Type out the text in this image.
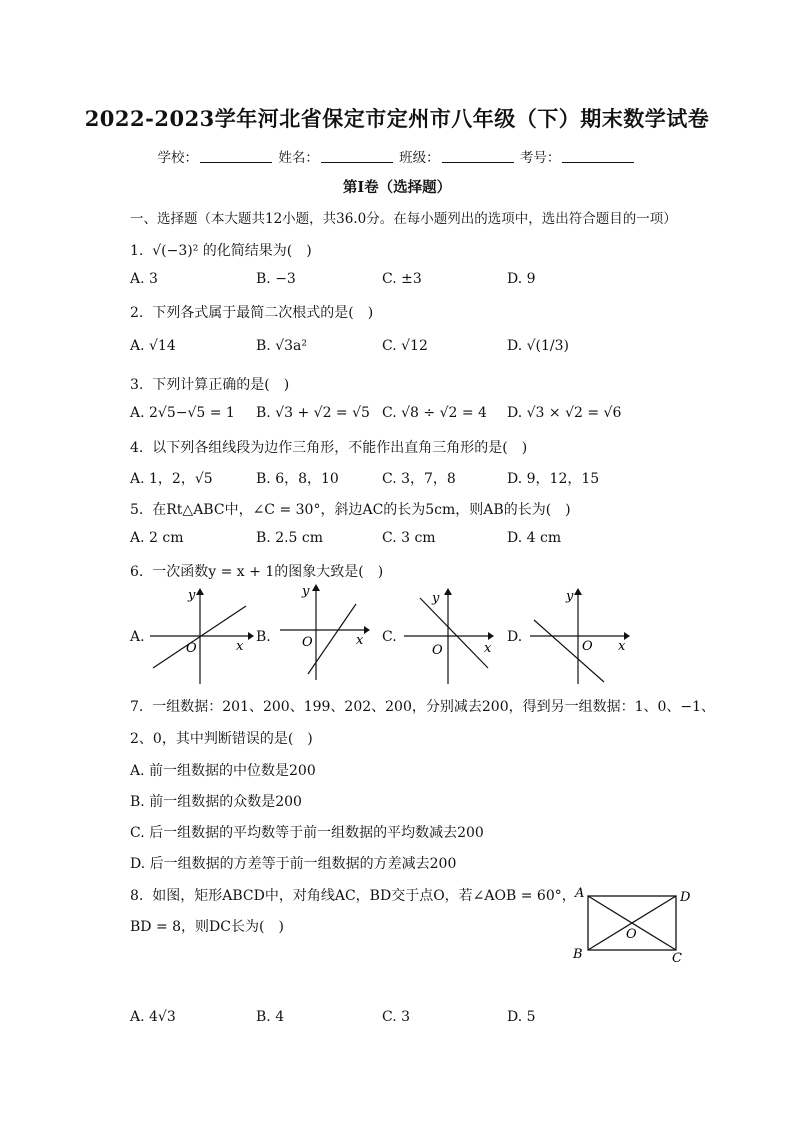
2022-2023学年河北省保定市定州市八年级（下）期末数学试卷
学校：	姓名：	班级：	考号：
第I卷（选择题）
一、选择题（本大题共12小题，共36.0分。在每小题列出的选项中，选出符合题目的一项）
1. √(−3)² 的化简结果为(　)
A. 3	B. −3	C. ±3	D. 9
2. 下列各式属于最简二次根式的是(　)
A. √14	B. √3a²	C. √12	D. √(1/3)
3. 下列计算正确的是(　)
A. 2√5−√5 = 1 B. √3 + √2 = √5 C. √8 ÷ √2 = 4 D. √3 × √2 = √6
4. 以下列各组线段为边作三角形，不能作出直角三角形的是(　)
A. 1，2，√5	B. 6，8，10	C. 3，7，8	D. 9，12，15
5. 在Rt△ABC中，∠C = 30°，斜边AC的长为5cm，则AB的长为(　)
A. 2 cm	B. 2.5 cm	C. 3 cm	D. 4 cm
6. 一次函数y = x + 1的图象大致是(　)
A.
y
x
O
B.
y
x
O	C.
y
x
O
D.
y
x
O
7. 一组数据：201、200、199、202、200，分别减去200，得到另一组数据：1、0、−1、
2、0，其中判断错误的是(　)
A. 前一组数据的中位数是200
B. 前一组数据的众数是200
C. 后一组数据的平均数等于前一组数据的平均数减去200
D. 后一组数据的方差等于前一组数据的方差减去200
8. 如图，矩形ABCD中，对角线AC，BD交于点O，若∠AOB = 60°，
BD = 8，则DC长为(　)
A	D
B	C
O
A. 4√3	B. 4	C. 3	D. 5
